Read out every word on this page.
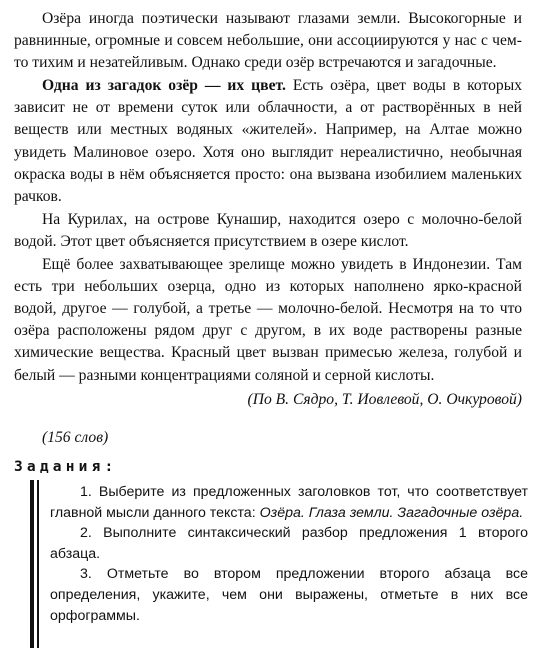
Озёра иногда поэтически называют глазами земли. Высокогорные и равнинные, огромные и совсем небольшие, они ассоциируются у нас с чем-то тихим и незатейливым. Однако среди озёр встречаются и загадочные.

Одна из загадок озёр — их цвет. Есть озёра, цвет воды в которых зависит не от времени суток или облачности, а от растворённых в ней веществ или местных водяных «жителей». Например, на Алтае можно увидеть Малиновое озеро. Хотя оно выглядит нереалистично, необычная окраска воды в нём объясняется просто: она вызвана изобилием маленьких рачков.

На Курилах, на острове Кунашир, находится озеро с молочно-белой водой. Этот цвет объясняется присутствием в озере кислот.

Ещё более захватывающее зрелище можно увидеть в Индонезии. Там есть три небольших озерца, одно из которых наполнено ярко-красной водой, другое — голубой, а третье — молочно-белой. Несмотря на то что озёра расположены рядом друг с другом, в их воде растворены разные химические вещества. Красный цвет вызван примесью железа, голубой и белый — разными концентрациями соляной и серной кислоты.

(По В. Сядро, Т. Иовлевой, О. Очкуровой)

(156 слов)
Задания:

1. Выберите из предложенных заголовков тот, что соответствует главной мысли данного текста: Озёра. Глаза земли. Загадочные озёра.

2. Выполните синтаксический разбор предложения 1 второго абзаца.

3. Отметьте во втором предложении второго абзаца все определения, укажите, чем они выражены, отметьте в них все орфограммы.
